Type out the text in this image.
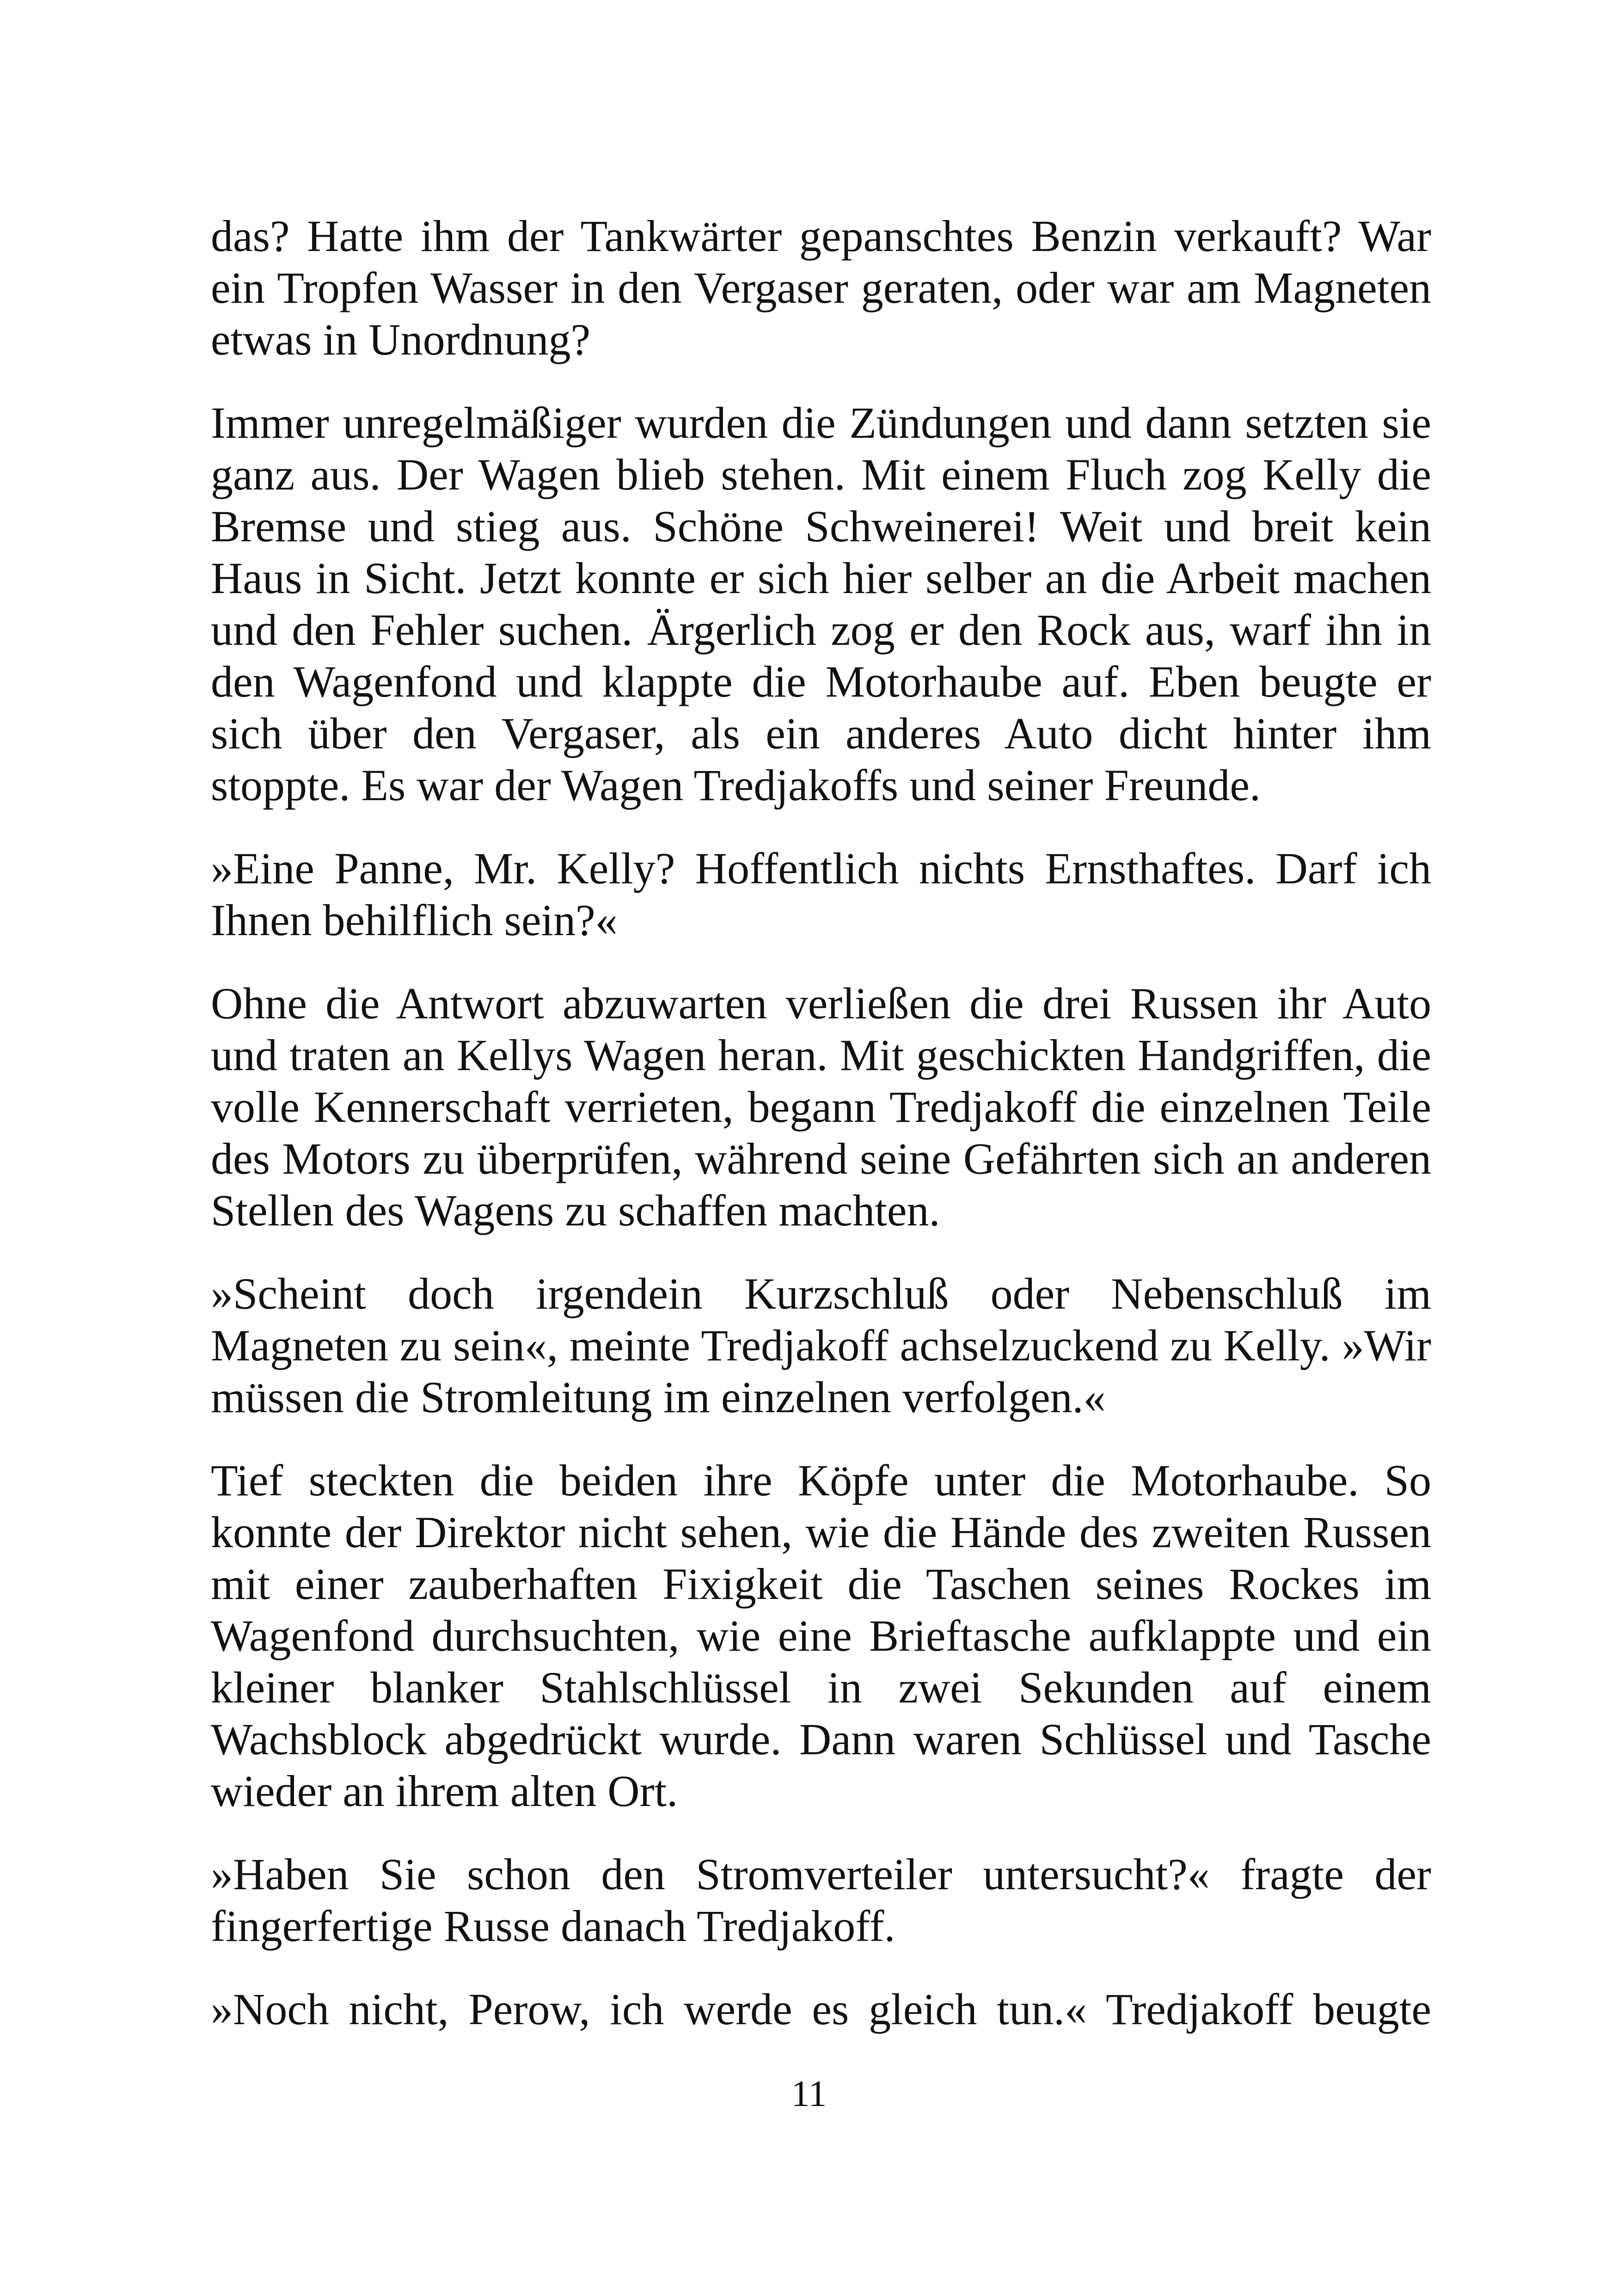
das? Hatte ihm der Tankwärter gepanschtes Benzin verkauft? War ein Tropfen Wasser in den Vergaser geraten, oder war am Magneten etwas in Unordnung?

Immer unregelmäßiger wurden die Zündungen und dann setzten sie ganz aus. Der Wagen blieb stehen. Mit einem Fluch zog Kelly die Bremse und stieg aus. Schöne Schweinerei! Weit und breit kein Haus in Sicht. Jetzt konnte er sich hier selber an die Arbeit machen und den Fehler suchen. Ärgerlich zog er den Rock aus, warf ihn in den Wagenfond und klappte die Motorhaube auf. Eben beugte er sich über den Vergaser, als ein anderes Auto dicht hinter ihm stoppte. Es war der Wagen Tredjakoffs und seiner Freunde.

»Eine Panne, Mr. Kelly? Hoffentlich nichts Ernsthaftes. Darf ich Ihnen behilflich sein?«

Ohne die Antwort abzuwarten verließen die drei Russen ihr Auto und traten an Kellys Wagen heran. Mit geschickten Handgriffen, die volle Kennerschaft verrieten, begann Tredjakoff die einzelnen Teile des Motors zu überprüfen, während seine Gefährten sich an anderen Stellen des Wagens zu schaffen machten.

»Scheint doch irgendein Kurzschluß oder Nebenschluß im Magneten zu sein«, meinte Tredjakoff achselzuckend zu Kelly. »Wir müssen die Stromleitung im einzelnen verfolgen.«

Tief steckten die beiden ihre Köpfe unter die Motorhaube. So konnte der Direktor nicht sehen, wie die Hände des zweiten Russen mit einer zauberhaften Fixigkeit die Taschen seines Rockes im Wagenfond durchsuchten, wie eine Brieftasche aufklappte und ein kleiner blanker Stahlschlüssel in zwei Sekunden auf einem Wachsblock abgedrückt wurde. Dann waren Schlüssel und Tasche wieder an ihrem alten Ort.

»Haben Sie schon den Stromverteiler untersucht?« fragte der fingerfertige Russe danach Tredjakoff.

»Noch nicht, Perow, ich werde es gleich tun.« Tredjakoff beugte

11
